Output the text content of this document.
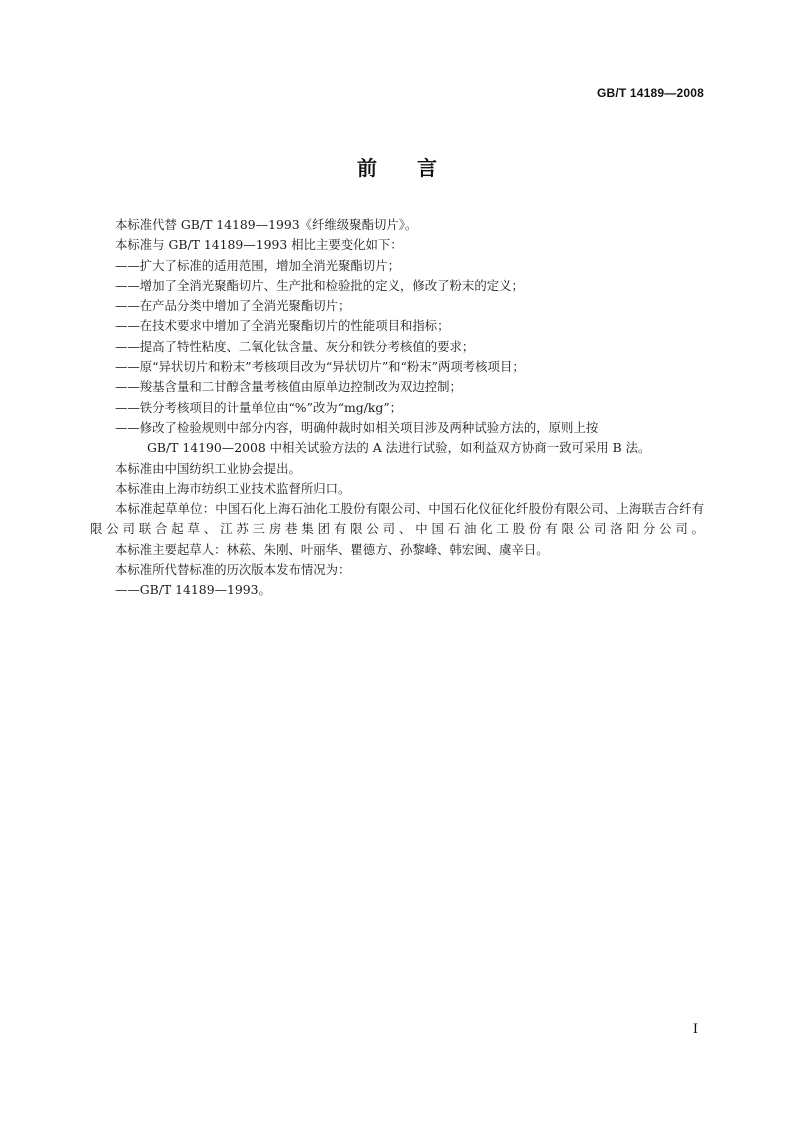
GB/T 14189—2008
前言

本标准代替 GB/T 14189—1993《纤维级聚酯切片》。

本标准与 GB/T 14189—1993 相比主要变化如下：

——扩大了标准的适用范围，增加全消光聚酯切片；

——增加了全消光聚酯切片、生产批和检验批的定义，修改了粉末的定义；

——在产品分类中增加了全消光聚酯切片；

——在技术要求中增加了全消光聚酯切片的性能项目和指标；

——提高了特性粘度、二氧化钛含量、灰分和铁分考核值的要求；

——原“异状切片和粉末”考核项目改为“异状切片”和“粉末”两项考核项目；

——羧基含量和二甘醇含量考核值由原单边控制改为双边控制；

——铁分考核项目的计量单位由“%”改为“mg/kg”；

——修改了检验规则中部分内容，明确仲裁时如相关项目涉及两种试验方法的，原则上按

GB/T 14190—2008 中相关试验方法的 A 法进行试验，如利益双方协商一致可采用 B 法。

本标准由中国纺织工业协会提出。

本标准由上海市纺织工业技术监督所归口。

本标准起草单位：中国石化上海石油化工股份有限公司、中国石化仪征化纤股份有限公司、上海联吉合纤有限公司联合起草、江苏三房巷集团有限公司、中国石油化工股份有限公司洛阳分公司。

本标准主要起草人：林菘、朱刚、叶丽华、瞿德方、孙黎峰、韩宏闽、虞辛日。

本标准所代替标准的历次版本发布情况为：

——GB/T 14189—1993。

I
